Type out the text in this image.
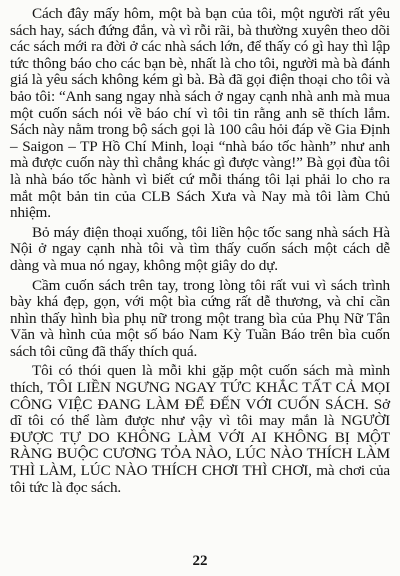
Cách đây mấy hôm, một bà bạn của tôi, một người rất yêu sách hay, sách đứng đắn, và vì rỗi rãi, bà thường xuyên theo dõi các sách mới ra đời ở các nhà sách lớn, để thấy có gì hay thì lập tức thông báo cho các bạn bè, nhất là cho tôi, người mà bà đánh giá là yêu sách không kém gì bà. Bà đã gọi điện thoại cho tôi và bảo tôi: “Anh sang ngay nhà sách ở ngay cạnh nhà anh mà mua một cuốn sách nói về báo chí vì tôi tin rằng anh sẽ thích lắm. Sách này nằm trong bộ sách gọi là 100 câu hỏi đáp về Gia Định – Saigon – TP Hồ Chí Minh, loại “nhà báo tốc hành” như anh mà được cuốn này thì chẳng khác gì được vàng!” Bà gọi đùa tôi là nhà báo tốc hành vì biết cứ mỗi tháng tôi lại phải lo cho ra mắt một bản tin của CLB Sách Xưa và Nay mà tôi làm Chủ nhiệm.

Bỏ máy điện thoại xuống, tôi liền hộc tốc sang nhà sách Hà Nội ở ngay cạnh nhà tôi và tìm thấy cuốn sách một cách dễ dàng và mua nó ngay, không một giây do dự.

Cầm cuốn sách trên tay, trong lòng tôi rất vui vì sách trình bày khá đẹp, gọn, với một bìa cứng rất dễ thương, và chỉ cần nhìn thấy hình bìa phụ nữ trong một trang bìa của Phụ Nữ Tân Văn và hình của một số báo Nam Kỳ Tuần Báo trên bìa cuốn sách tôi cũng đã thấy thích quá.

Tôi có thói quen là mỗi khi gặp một cuốn sách mà mình thích, TÔI LIỀN NGƯNG NGAY TỨC KHẮC TẤT CẢ MỌI CÔNG VIỆC ĐANG LÀM ĐỂ ĐẾN VỚI CUỐN SÁCH. Sở dĩ tôi có thể làm được như vậy vì tôi may mắn là NGƯỜI ĐƯỢC TỰ DO KHÔNG LÀM VỚI AI KHÔNG BỊ MỘT RÀNG BUỘC CƯƠNG TỎA NÀO, LÚC NÀO THÍCH LÀM THÌ LÀM, LÚC NÀO THÍCH CHƠI THÌ CHƠI, mà chơi của tôi tức là đọc sách.

22
